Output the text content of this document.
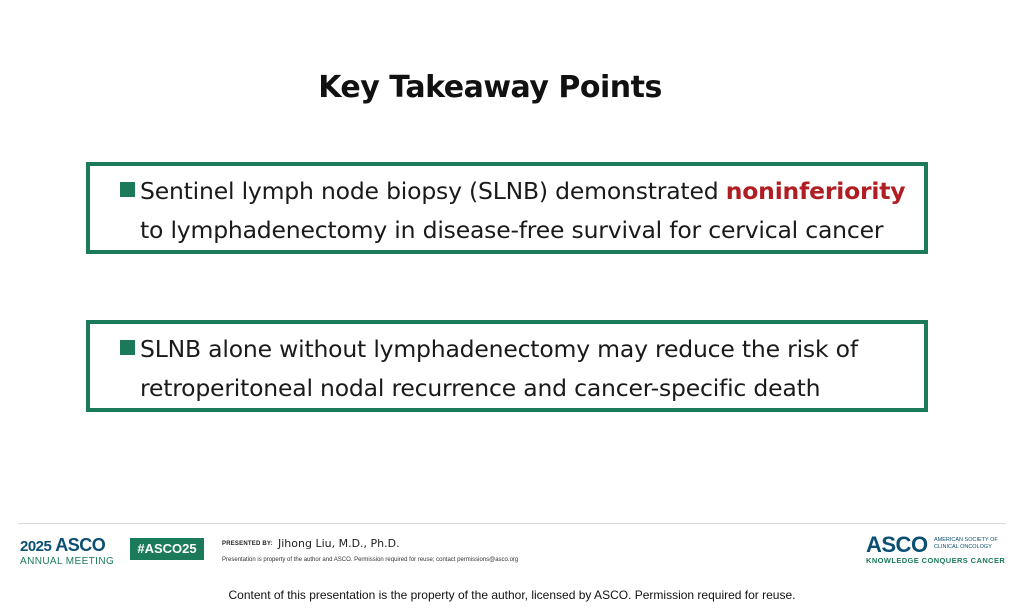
Key Takeaway Points
Sentinel lymph node biopsy (SLNB) demonstrated noninferiority
to lymphadenectomy in disease-free survival for cervical cancer
SLNB alone without lymphadenectomy may reduce the risk of
retroperitoneal nodal recurrence and cancer-specific death
2025 ASCO
ANNUAL MEETING
#ASCO25	PRESENTED BY: Jihong Liu, M.D., Ph.D.
Presentation is property of the author and ASCO. Permission required for reuse; contact permissions@asco.org
ASCO AMERICAN SOCIETY OF
CLINICAL ONCOLOGY
KNOWLEDGE CONQUERS CANCER
Content of this presentation is the property of the author, licensed by ASCO. Permission required for reuse.
